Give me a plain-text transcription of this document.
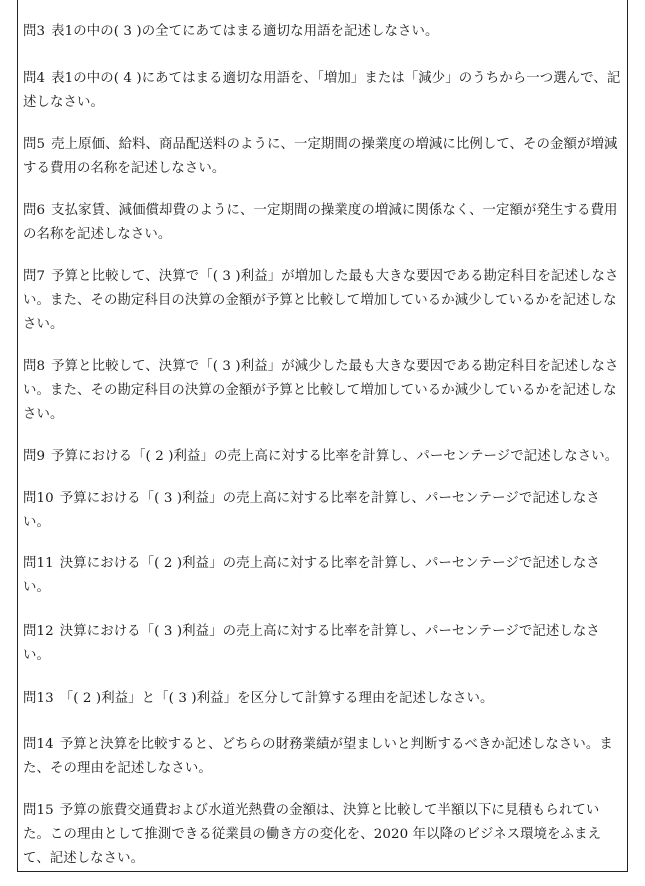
問3 表1の中の( 3 )の全てにあてはまる適切な用語を記述しなさい。

問4 表1の中の( 4 )にあてはまる適切な用語を、「増加」または「減少」のうちから一つ選んで、記述しなさい。

問5 売上原価、給料、商品配送料のように、一定期間の操業度の増減に比例して、その金額が増減する費用の名称を記述しなさい。

問6 支払家賃、減価償却費のように、一定期間の操業度の増減に関係なく、一定額が発生する費用の名称を記述しなさい。

問7 予算と比較して、決算で「( 3 )利益」が増加した最も大きな要因である勘定科目を記述しなさい。また、その勘定科目の決算の金額が予算と比較して増加しているか減少しているかを記述しなさい。

問8 予算と比較して、決算で「( 3 )利益」が減少した最も大きな要因である勘定科目を記述しなさい。また、その勘定科目の決算の金額が予算と比較して増加しているか減少しているかを記述しなさい。

問9 予算における「( 2 )利益」の売上高に対する比率を計算し、パーセンテージで記述しなさい。

問10 予算における「( 3 )利益」の売上高に対する比率を計算し、パーセンテージで記述しなさい。

問11 決算における「( 2 )利益」の売上高に対する比率を計算し、パーセンテージで記述しなさい。

問12 決算における「( 3 )利益」の売上高に対する比率を計算し、パーセンテージで記述しなさい。

問13 「( 2 )利益」と「( 3 )利益」を区分して計算する理由を記述しなさい。

問14 予算と決算を比較すると、どちらの財務業績が望ましいと判断するべきか記述しなさい。また、その理由を記述しなさい。

問15 予算の旅費交通費および水道光熱費の金額は、決算と比較して半額以下に見積もられていた。この理由として推測できる従業員の働き方の変化を、2020 年以降のビジネス環境をふまえて、記述しなさい。
